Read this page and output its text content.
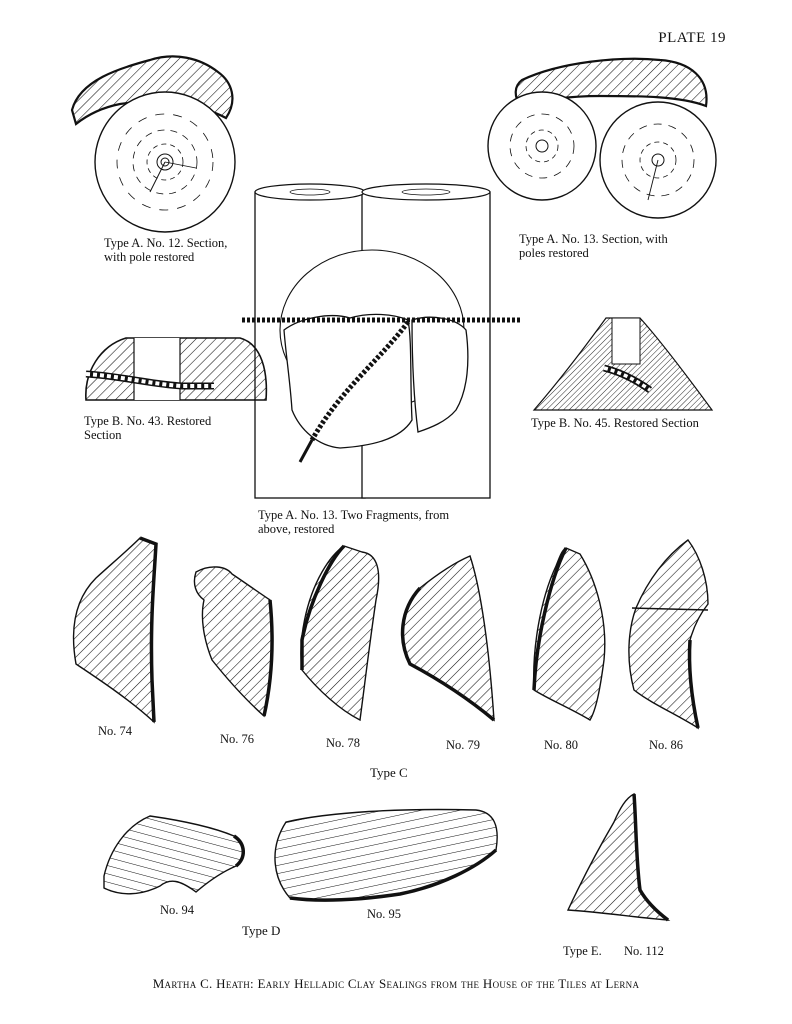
PLATE 19
Type A. No. 12. Section,
with pole restored
Type A. No. 13. Section, with
poles restored
Type B. No. 43. Restored
Section
Type B. No. 45. Restored Section
Type A. No. 13. Two Fragments, from
above, restored
No. 74
No. 76	No. 78	No. 79	No. 80	No. 86
Type C
No. 94	No. 95
Type D
Type E. No. 112
Martha C. Heath: Early Helladic Clay Sealings from the House of the Tiles at Lerna
